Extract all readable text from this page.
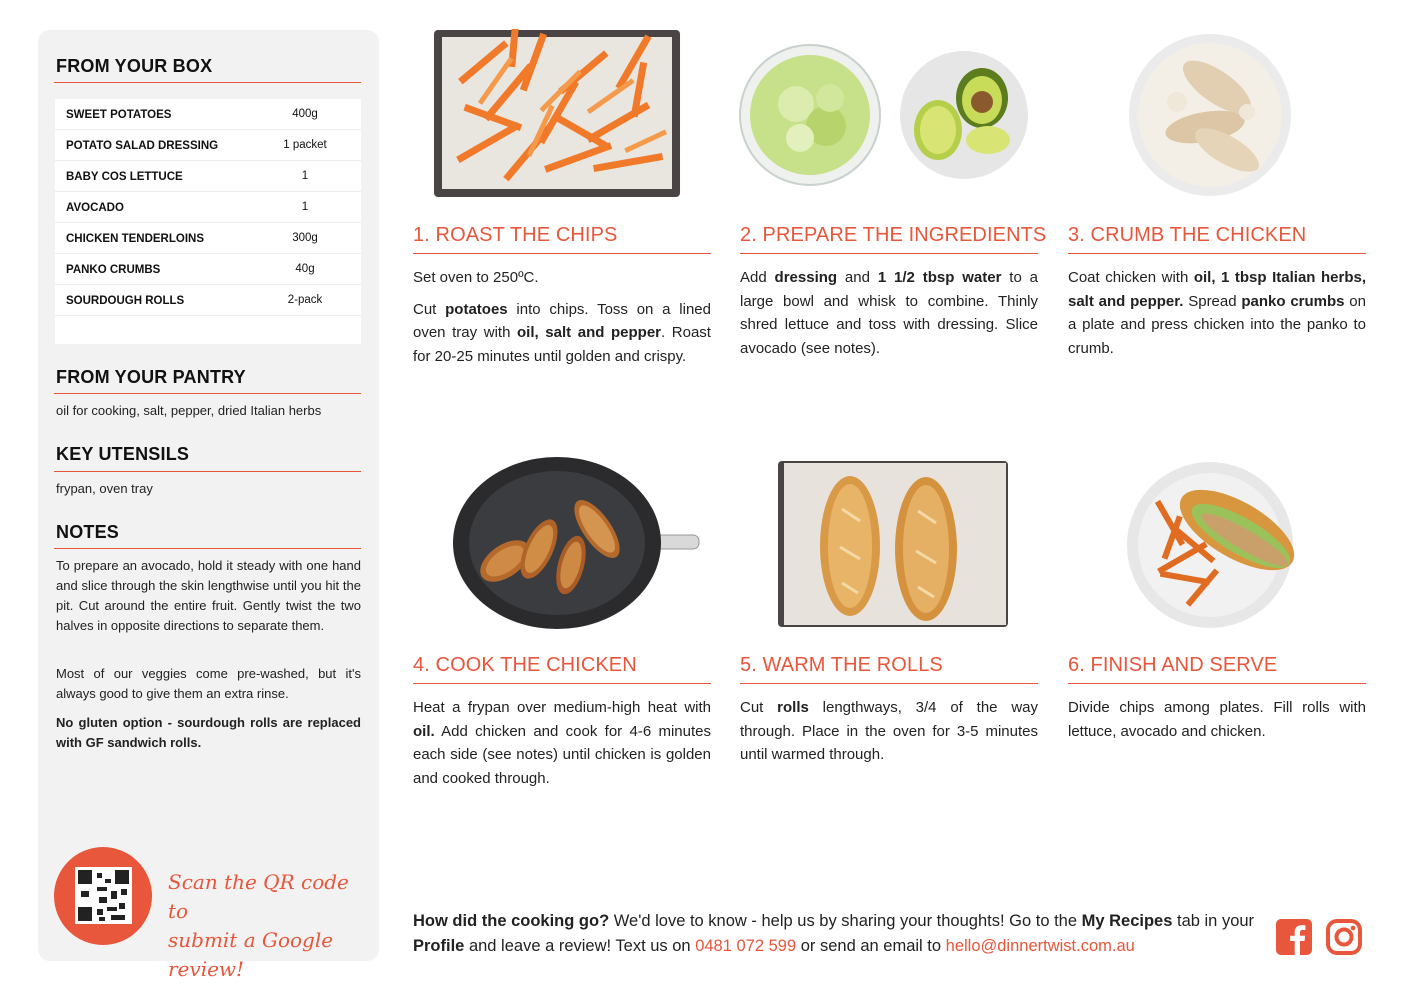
FROM YOUR BOX
SWEET POTATOES	400g
POTATO SALAD DRESSING	1 packet
BABY COS LETTUCE	1
AVOCADO	1
CHICKEN TENDERLOINS	300g
PANKO CRUMBS	40g
SOURDOUGH ROLLS	2-pack
FROM YOUR PANTRY
oil for cooking, salt, pepper, dried Italian herbs
KEY UTENSILS
frypan, oven tray
NOTES
To prepare an avocado, hold it steady with one hand and slice through the skin lengthwise until you hit the pit. Cut around the entire fruit. Gently twist the two halves in opposite directions to separate them.
Most of our veggies come pre-washed, but it's always good to give them an extra rinse.
No gluten option - sourdough rolls are replaced with GF sandwich rolls.
Scan the QR code to
submit a Google review!
1. ROAST THE CHIPS

Set oven to 250ºC.

Cut potatoes into chips. Toss on a lined oven tray with oil, salt and pepper. Roast for 20-25 minutes until golden and crispy.

2. PREPARE THE INGREDIENTS

Add dressing and 1 1/2 tbsp water to a large bowl and whisk to combine. Thinly shred lettuce and toss with dressing. Slice avocado (see notes).

3. CRUMB THE CHICKEN

Coat chicken with oil, 1 tbsp Italian herbs, salt and pepper. Spread panko crumbs on a plate and press chicken into the panko to crumb.

4. COOK THE CHICKEN

Heat a frypan over medium-high heat with oil. Add chicken and cook for 4-6 minutes each side (see notes) until chicken is golden and cooked through.

5. WARM THE ROLLS

Cut rolls lengthways, 3/4 of the way through. Place in the oven for 3-5 minutes until warmed through.

6. FINISH AND SERVE

Divide chips among plates. Fill rolls with lettuce, avocado and chicken.

How did the cooking go? We'd love to know - help us by sharing your thoughts! Go to the My Recipes tab in your Profile and leave a review! Text us on 0481 072 599 or send an email to hello@dinnertwist.com.au
